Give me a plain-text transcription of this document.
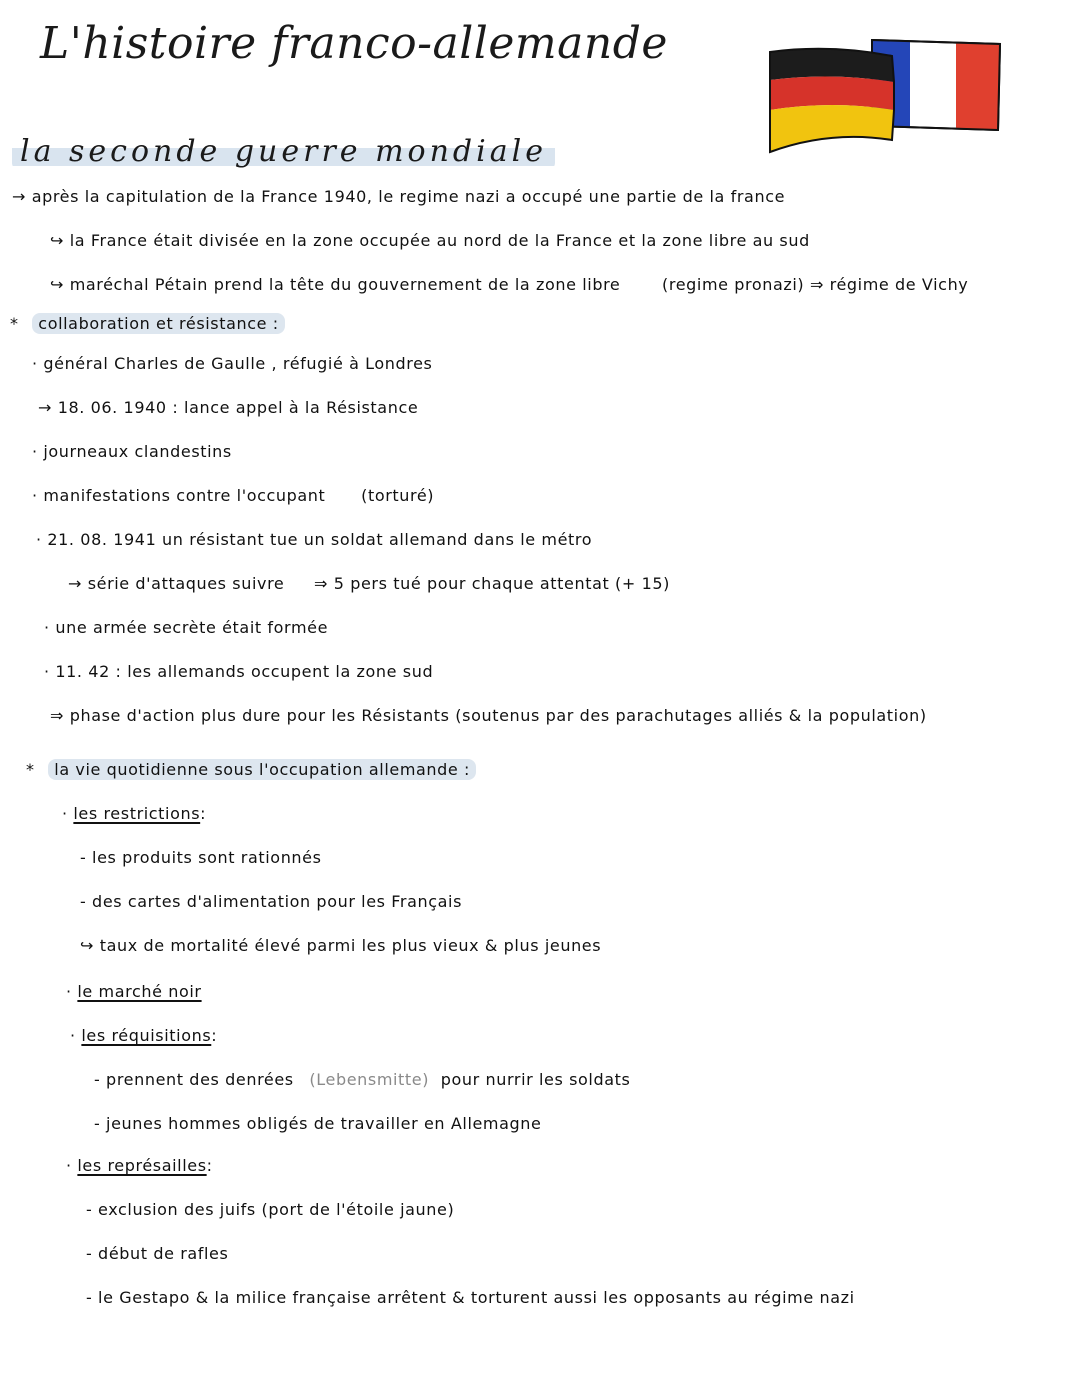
L'histoire franco-allemande
la seconde guerre mondiale
→ après la capitulation de la France 1940, le regime nazi a occupé une partie de la france
↪ la France était divisée en la zone occupée au nord de la France et la zone libre au sud
↪ maréchal Pétain prend la tête du gouvernement de la zone libre	(regime pronazi) ⇒ régime de Vichy
* collaboration et résistance :
· général Charles de Gaulle , réfugié à Londres
→ 18. 06. 1940 : lance appel à la Résistance
· journeaux clandestins
· manifestations contre l'occupant (torturé)
· 21. 08. 1941 un résistant tue un soldat allemand dans le métro
→ série d'attaques suivre ⇒ 5 pers tué pour chaque attentat (+ 15)
· une armée secrète était formée
· 11. 42 : les allemands occupent la zone sud
⇒ phase d'action plus dure pour les Résistants (soutenus par des parachutages alliés & la population)
* la vie quotidienne sous l'occupation allemande :
· les restrictions:
- les produits sont rationnés
- des cartes d'alimentation pour les Français
↪ taux de mortalité élevé parmi les plus vieux & plus jeunes
· le marché noir
· les réquisitions:
- prennent des denrées (Lebensmitte) pour nurrir les soldats
- jeunes hommes obligés de travailler en Allemagne
· les représailles:
- exclusion des juifs (port de l'étoile jaune)
- début de rafles
- le Gestapo & la milice française arrêtent & torturent aussi les opposants au régime nazi
